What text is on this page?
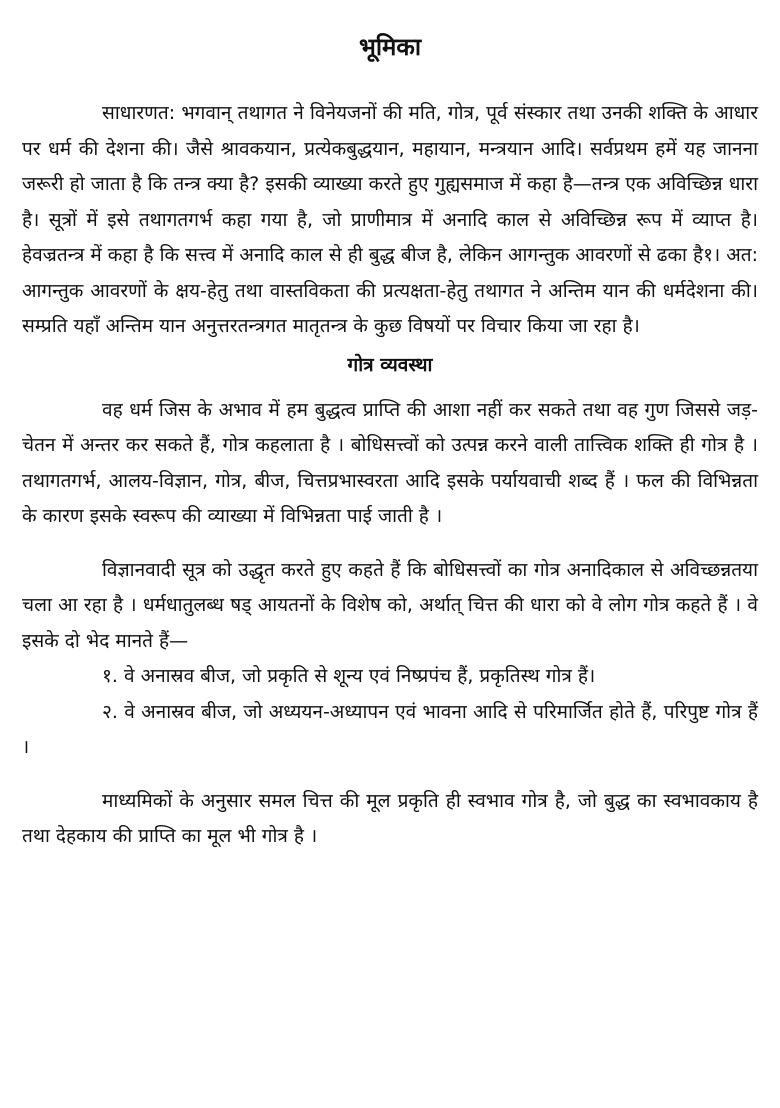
भूमिका

साधारणत: भगवान् तथागत ने विनेयजनों की मति, गोत्र, पूर्व संस्कार तथा उनकी शक्ति के आधार पर धर्म की देशना की। जैसे श्रावकयान, प्रत्येकबुद्धयान, महायान, मन्त्रयान आदि। सर्वप्रथम हमें यह जानना जरूरी हो जाता है कि तन्त्र क्या है? इसकी व्याख्या करते हुए गुह्यसमाज में कहा है—तन्त्र एक अविच्छिन्न धारा है। सूत्रों में इसे तथागतगर्भ कहा गया है, जो प्राणीमात्र में अनादि काल से अविच्छिन्न रूप में व्याप्त है। हेवज्रतन्त्र में कहा है कि सत्त्व में अनादि काल से ही बुद्ध बीज है, लेकिन आगन्तुक आवरणों से ढका है१। अत: आगन्तुक आवरणों के क्षय-हेतु तथा वास्तविकता की प्रत्यक्षता-हेतु तथागत ने अन्तिम यान की धर्मदेशना की। सम्प्रति यहाँ अन्तिम यान अनुत्तरतन्त्रगत मातृतन्त्र के कुछ विषयों पर विचार किया जा रहा है।

गोत्र व्यवस्था

वह धर्म जिस के अभाव में हम बुद्धत्व प्राप्ति की आशा नहीं कर सकते तथा वह गुण जिससे जड़-चेतन में अन्तर कर सकते हैं, गोत्र कहलाता है । बोधिसत्त्वों को उत्पन्न करने वाली तात्त्विक शक्ति ही गोत्र है । तथागतगर्भ, आलय-विज्ञान, गोत्र, बीज, चित्तप्रभास्वरता आदि इसके पर्यायवाची शब्द हैं । फल की विभिन्नता के कारण इसके स्वरूप की व्याख्या में विभिन्नता पाई जाती है ।

विज्ञानवादी सूत्र को उद्धृत करते हुए कहते हैं कि बोधिसत्त्वों का गोत्र अनादिकाल से अविच्छन्नतया चला आ रहा है । धर्मधातुलब्ध षड् आयतनों के विशेष को, अर्थात् चित्त की धारा को वे लोग गोत्र कहते हैं । वे इसके दो भेद मानते हैं—

१. वे अनास्रव बीज, जो प्रकृति से शून्य एवं निष्प्रपंच हैं, प्रकृतिस्थ गोत्र हैं।

२. वे अनास्रव बीज, जो अध्ययन-अध्यापन एवं भावना आदि से परिमार्जित होते हैं, परिपुष्ट गोत्र हैं ।

माध्यमिकों के अनुसार समल चित्त की मूल प्रकृति ही स्वभाव गोत्र है, जो बुद्ध का स्वभावकाय है तथा देहकाय की प्राप्ति का मूल भी गोत्र है ।
